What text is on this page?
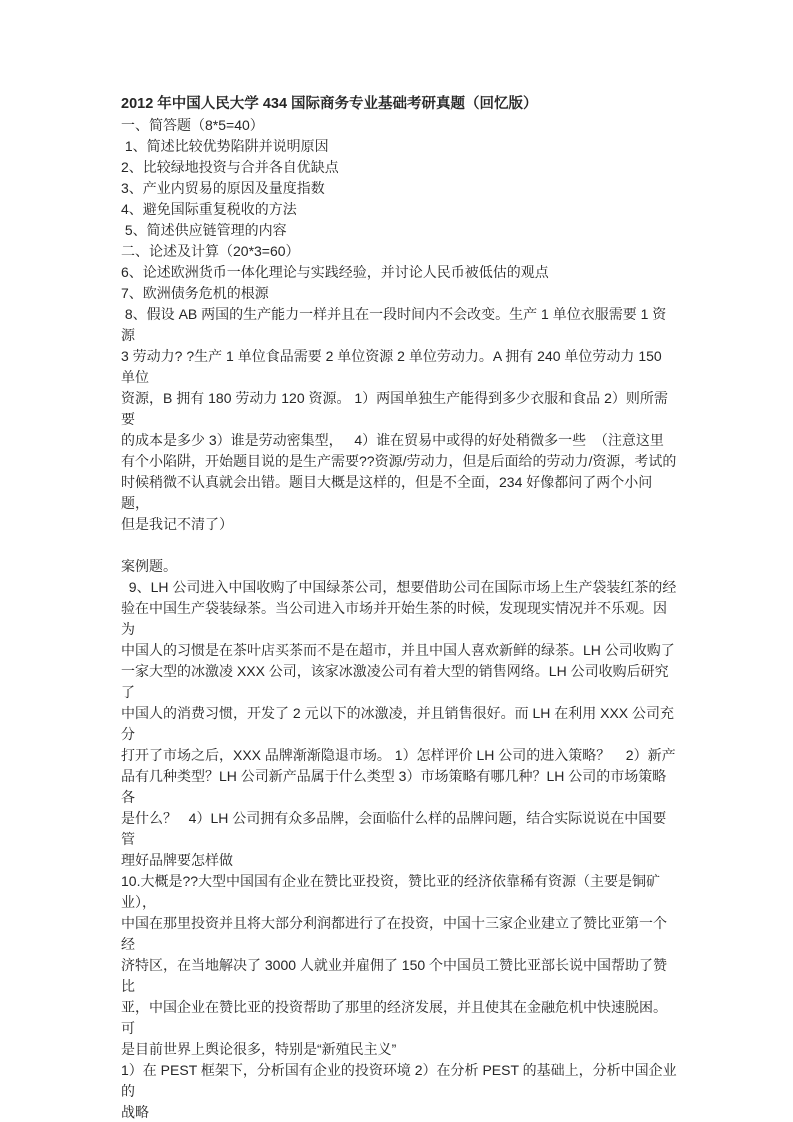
2012 年中国人民大学 434 国际商务专业基础考研真题（回忆版）
一、简答题（8*5=40）
1、简述比较优势陷阱并说明原因
2、比较绿地投资与合并各自优缺点
3、产业内贸易的原因及量度指数
4、避免国际重复税收的方法
5、简述供应链管理的内容
二、论述及计算（20*3=60）
6、论述欧洲货币一体化理论与实践经验，并讨论人民币被低估的观点
7、欧洲债务危机的根源
8、假设 AB 两国的生产能力一样并且在一段时间内不会改变。生产 1 单位衣服需要 1 资源
3 劳动力? ?生产 1 单位食品需要 2 单位资源 2 单位劳动力。A 拥有 240 单位劳动力 150 单位
资源，B 拥有 180 劳动力 120 资源。 1）两国单独生产能得到多少衣服和食品 2）则所需要
的成本是多少 3）谁是劳动密集型，   4）谁在贸易中或得的好处稍微多一些  （注意这里
有个小陷阱，开始题目说的是生产需要??资源/劳动力，但是后面给的劳动力/资源，考试的
时候稍微不认真就会出错。题目大概是这样的，但是不全面，234 好像都问了两个小问题，
但是我记不清了）
案例题。
9、LH 公司进入中国收购了中国绿茶公司，想要借助公司在国际市场上生产袋装红茶的经
验在中国生产袋装绿茶。当公司进入市场并开始生茶的时候，发现现实情况并不乐观。因为
中国人的习惯是在茶叶店买茶而不是在超市，并且中国人喜欢新鲜的绿茶。LH 公司收购了
一家大型的冰激凌 XXX 公司，该家冰激凌公司有着大型的销售网络。LH 公司收购后研究了
中国人的消费习惯，开发了 2 元以下的冰激凌，并且销售很好。而 LH 在利用 XXX 公司充分
打开了市场之后，XXX 品牌渐渐隐退市场。 1）怎样评价 LH 公司的进入策略？    2）新产
品有几种类型？LH 公司新产品属于什么类型 3）市场策略有哪几种？LH 公司的市场策略各
是什么？   4）LH 公司拥有众多品牌，会面临什么样的品牌问题，结合实际说说在中国要管
理好品牌要怎样做
10.大概是??大型中国国有企业在赞比亚投资，赞比亚的经济依靠稀有资源（主要是铜矿业），
中国在那里投资并且将大部分利润都进行了在投资，中国十三家企业建立了赞比亚第一个经
济特区，在当地解决了 3000 人就业并雇佣了 150 个中国员工赞比亚部长说中国帮助了赞比
亚，中国企业在赞比亚的投资帮助了那里的经济发展，并且使其在金融危机中快速脱困。可
是目前世界上舆论很多，特别是“新殖民主义”
1）在 PEST 框架下，分析国有企业的投资环境 2）在分析 PEST 的基础上，分析中国企业的
战略
